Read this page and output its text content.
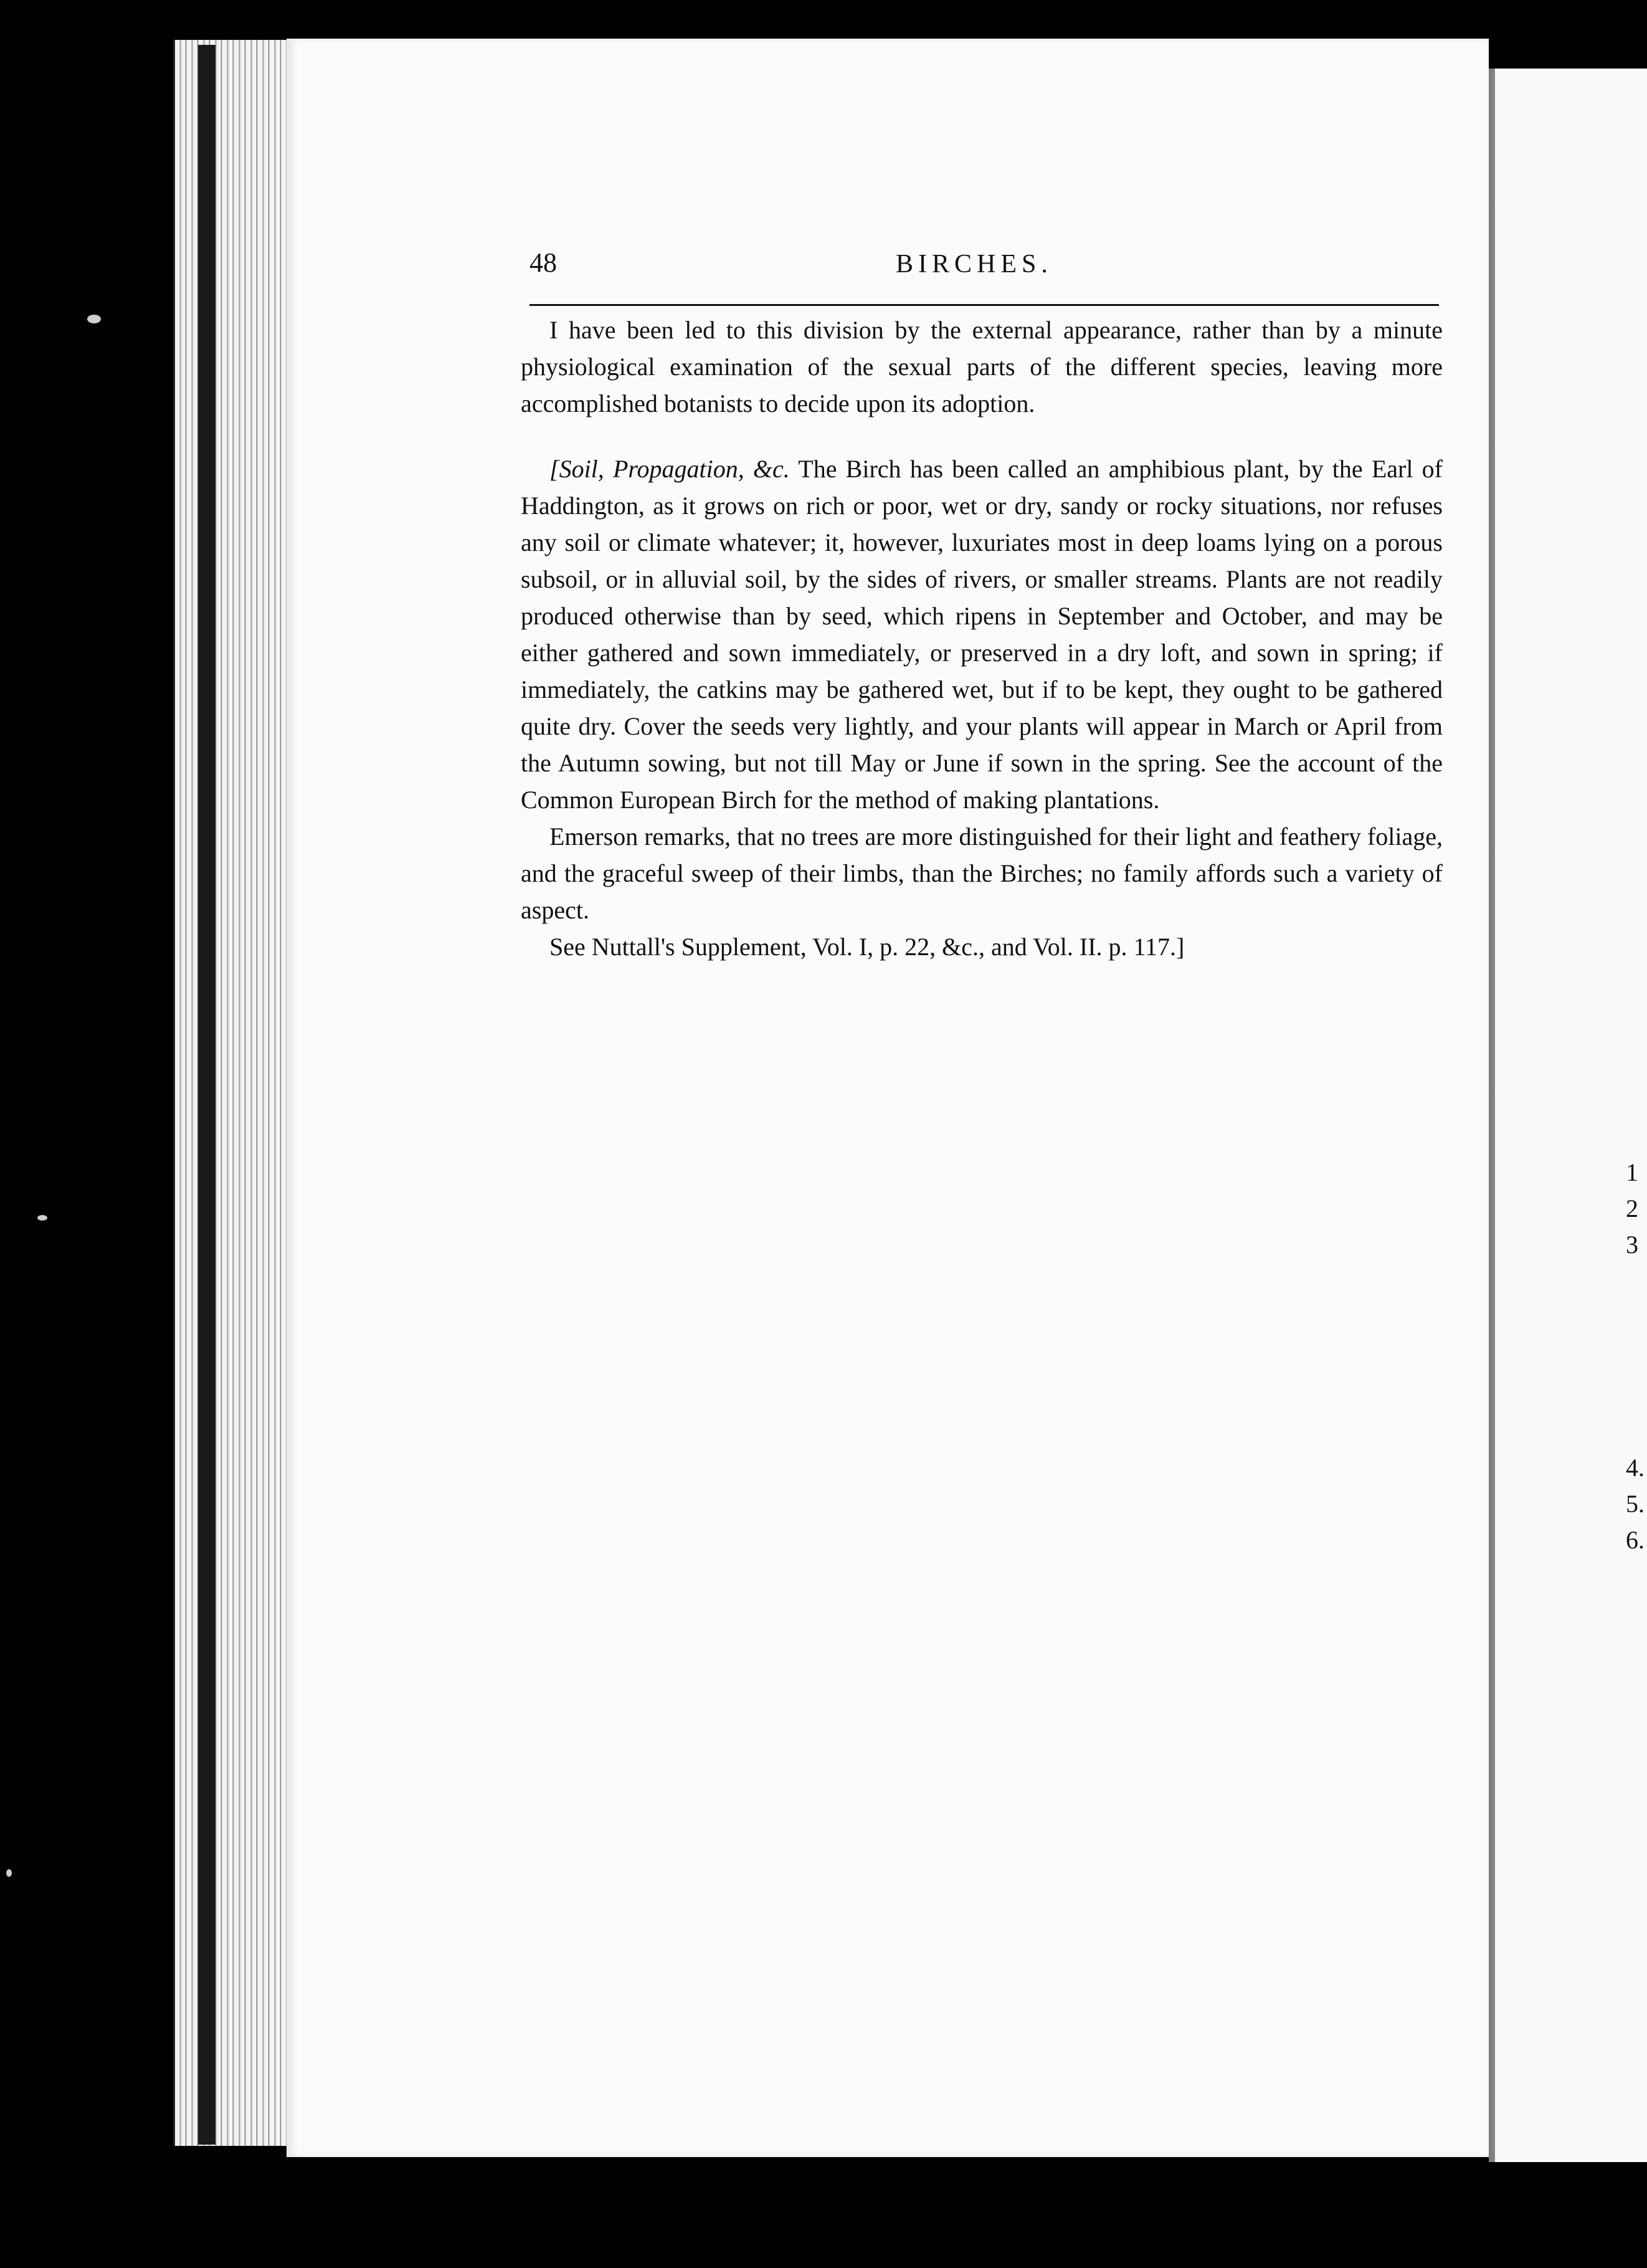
1
2
3
4.
5.
6.
48	BIRCHES.

I have been led to this division by the external appearance, rather than by a minute physiological examination of the sexual parts of the different species, leaving more accomplished botanists to decide upon its adoption.

[Soil, Propagation, &c. The Birch has been called an amphibious plant, by the Earl of Haddington, as it grows on rich or poor, wet or dry, sandy or rocky situations, nor refuses any soil or climate whatever; it, however, luxuriates most in deep loams lying on a porous subsoil, or in alluvial soil, by the sides of rivers, or smaller streams. Plants are not readily produced otherwise than by seed, which ripens in September and October, and may be either gathered and sown immediately, or preserved in a dry loft, and sown in spring; if immediately, the catkins may be gathered wet, but if to be kept, they ought to be gathered quite dry. Cover the seeds very lightly, and your plants will appear in March or April from the Autumn sowing, but not till May or June if sown in the spring. See the account of the Common European Birch for the method of making plantations.

Emerson remarks, that no trees are more distinguished for their light and feathery foliage, and the graceful sweep of their limbs, than the Birches; no family affords such a variety of aspect.

See Nuttall's Supplement, Vol. I, p. 22, &c., and Vol. II. p. 117.]
